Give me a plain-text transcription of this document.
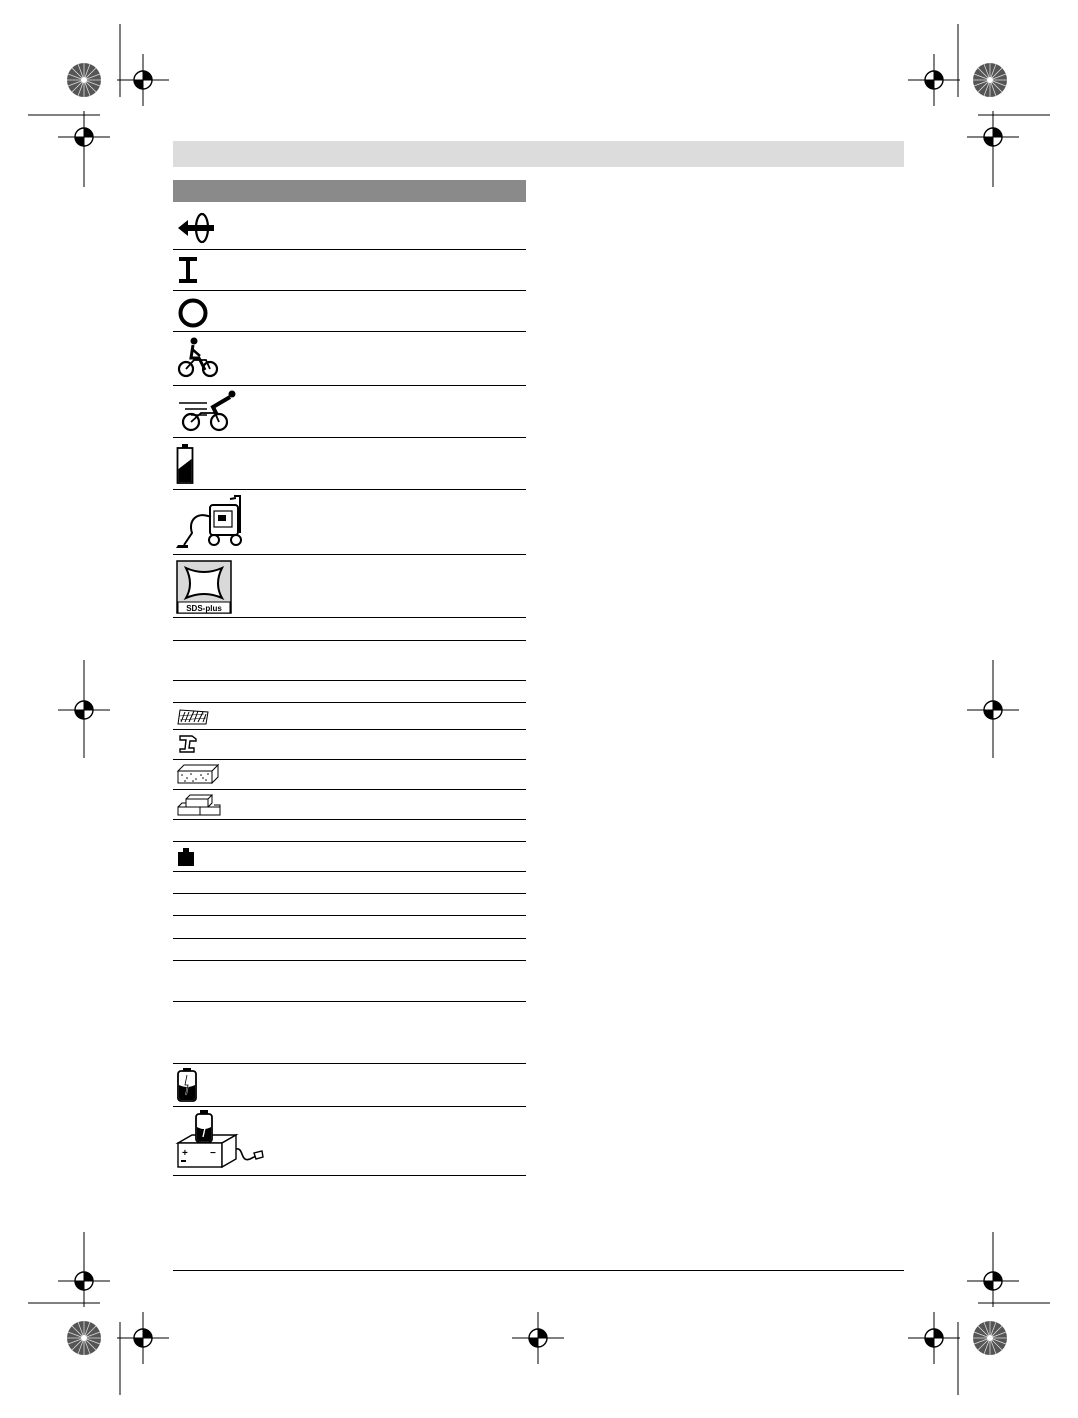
SDS-plus
+ −
